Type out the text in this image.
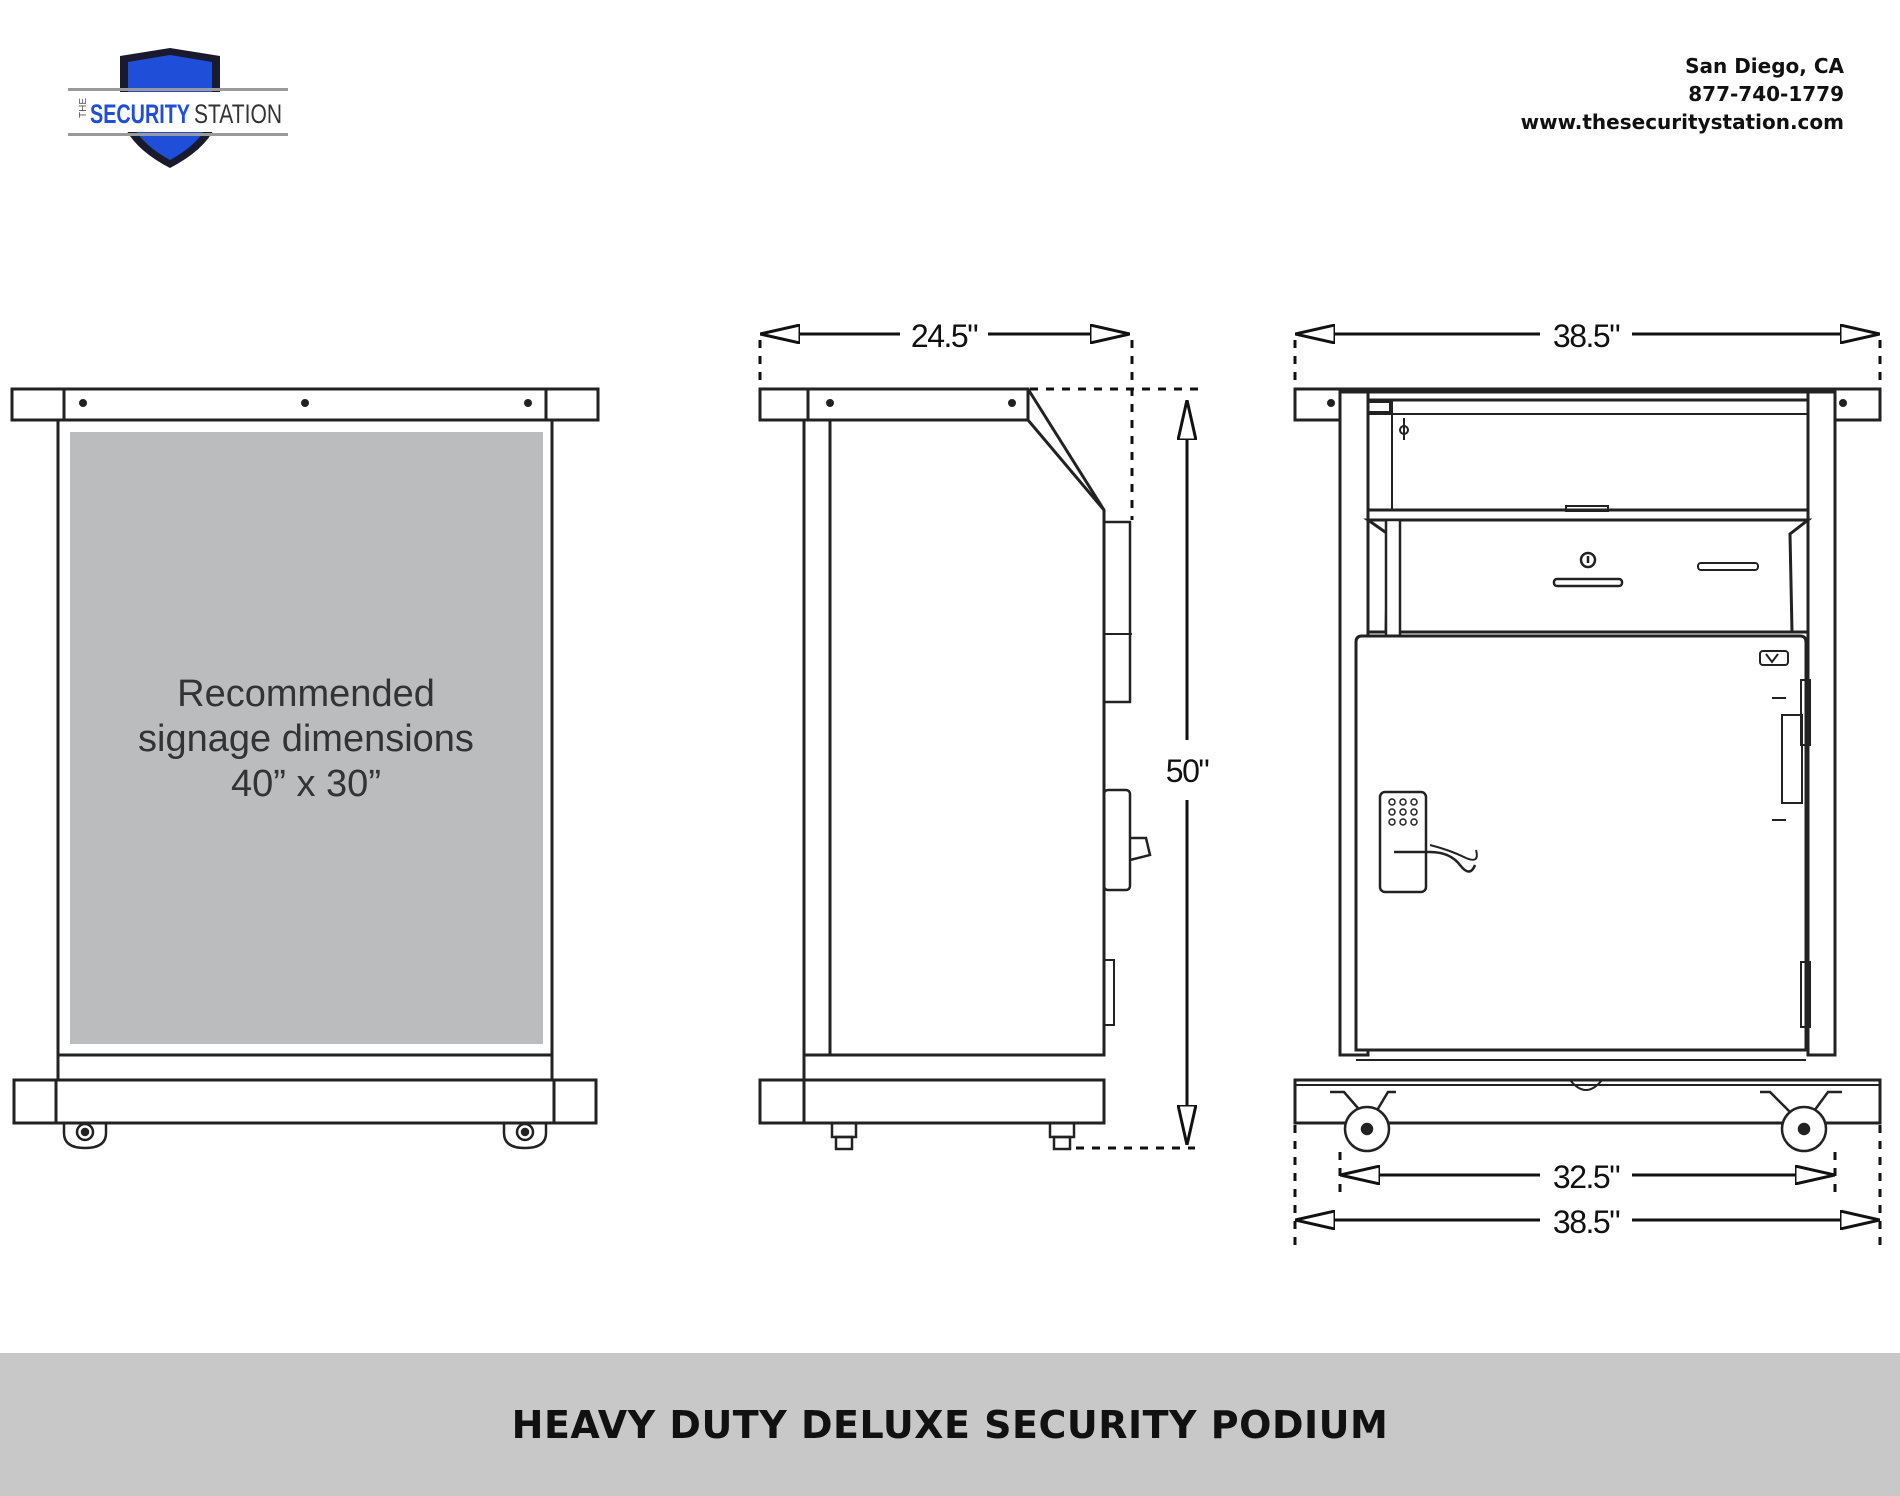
THE SECURITY STATION
San Diego, CA
877-740-1779
www.thesecuritystation.com
Recommended
signage dimensions
40” x 30”
24.5"
50"
38.5"
32.5"
38.5"
HEAVY DUTY DELUXE SECURITY PODIUM
